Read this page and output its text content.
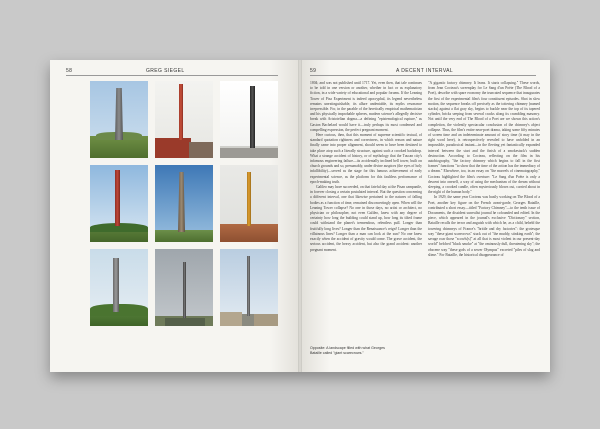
58	GREG SIEGEL	59	A DECENT INTERVAL

1804; and was not published until 1717. Yet, even then, that tale continues to be told in one version or another, whether in fact or as explanatory fiction, in a wide variety of educational and popular forums. If the Leaning Tower of Pisa Experiment is indeed apocryphal, its legend nevertheless remains unextinguishable, its allure undeniable, its myths resonance irrepressible. For, in the parable of the heretically empirical mathematician and his physically improbable spheres, modern science's allegedly decisive break with Aristotelian dogma—a defining "epistemological rupture," as Gaston Bachelard would have it—truly perhaps its most condensed and compelling expression, the perfect pregnant moment.

Here curious, then, that this moment of supreme scientific textual, of standard quotation rightness and correctness, in which reason and nature finally came into proper alignment, should seem to have been destined to take place atop such a literally structure, against such a crooked backdrop. What a strange accident of history, or of mythology that the Tuscan city's infamous engineering failure—its accidentally inclined bell tower, built on church grounds and so, presumably, under divine auspices (the eyes of holy infallibility)—served as the stage for this famous achievement of early experimental science, as the platform for this faultless performance of epoch-making truth.

Galileo may have succeeded, on that fateful day at the Pisan campanile, in forever closing a certain postulated interval. But the question concerning a different interval, one that likewise pertained to the natures of falling bodies as a function of time, remained disconcertingly open. When will the Leaning Tower collapse? No one in those days, no artist or architect, no physician or philosopher, not even Galileo, knew with any degree of certainty how long the building could stand up, how long its tilted frame could withstand the planet's tremendous, relentless pull. Longer than fruitfully long lives? Longer than the Renaissance's reign? Longer than the villainous lines? Longer than a man can look at the sun? No one knew exactly when the accident of gravity would come. The grave accident, the serious accident, the heavy accident, but also the grand accident: another pregnant moment.

Opposite: A landscape filled with what Georges Bataille called "giant scarecrows."

"A gigantic factory chimney. It leans. It starts collapsing." These words, from Jean Cocteau's screenplay for Le Sang d'un Poète (The Blood of a Poet), describe with spare economy the truncated sequence that inaugurates the first of the experimental film's four constituent episodes. Shot in slow motion, the sequence breaks off precisely as the tottering chimney (named stacks) against a flat gray sky, begins to buckle near the top of its tapered cylinder, bricks seeping from several cracks along its crumbling masonry. Not until the very end of The Blood of a Poet are we shown this action's completion, the violently spectacular conclusion of the chimney's abject collapse. Thus, the film's entire near-poet drama, taking some fifty minutes of screen time and an indeterminate amount of story time (it may in the right word here), is retrospectively revealed to have unfolded in an impossible, paradoxical instant—in the fleeting yet fantastically expanded interval between the start and the finish of a smokestack's sudden destruction. According to Cocteau, reflecting on the film in his autobiography, "the factory chimney which begins to fall in the first frames" functions "to show that the time of the action has the immediacy of a dream." Elsewhere, too, in an essay on "the marvels of cinematography," Cocteau highlighted the film's overture: "Le Sang d'un Poète is only a descent into oneself, a way of using the mechanism of the dream without sleeping, a crooked candle, often mysteriously blown out, carried about in the night of the human body."

In 1929, the same year Cocteau was busily working on The Blood of a Poet, another key figure on the French avant-garde, Georges Bataille, contributed a short essay—titled "Factory Chimney"—to the tenth issue of Documents, the dissident surrealist journal he cofounded and edited. In the piece, which appeared in the journal's exclusive "Dictionary" section, Bataille recalls the terror and anguish with which he, as a child, beheld the towering chimneys of France's "brittle and dry factories": the grotesque way "these giant scarecrows" stuck out of "the muddy, stinking earth"; the savage roar those "scowls[s]" at all that is most violent in our present-day world" belched "black smoke" at "the ominously dull, threatening sky"; the obscene way "these gods of a sewer Olympus" excreted "piles of slag and slime." For Bataille, the historical disappearance of
